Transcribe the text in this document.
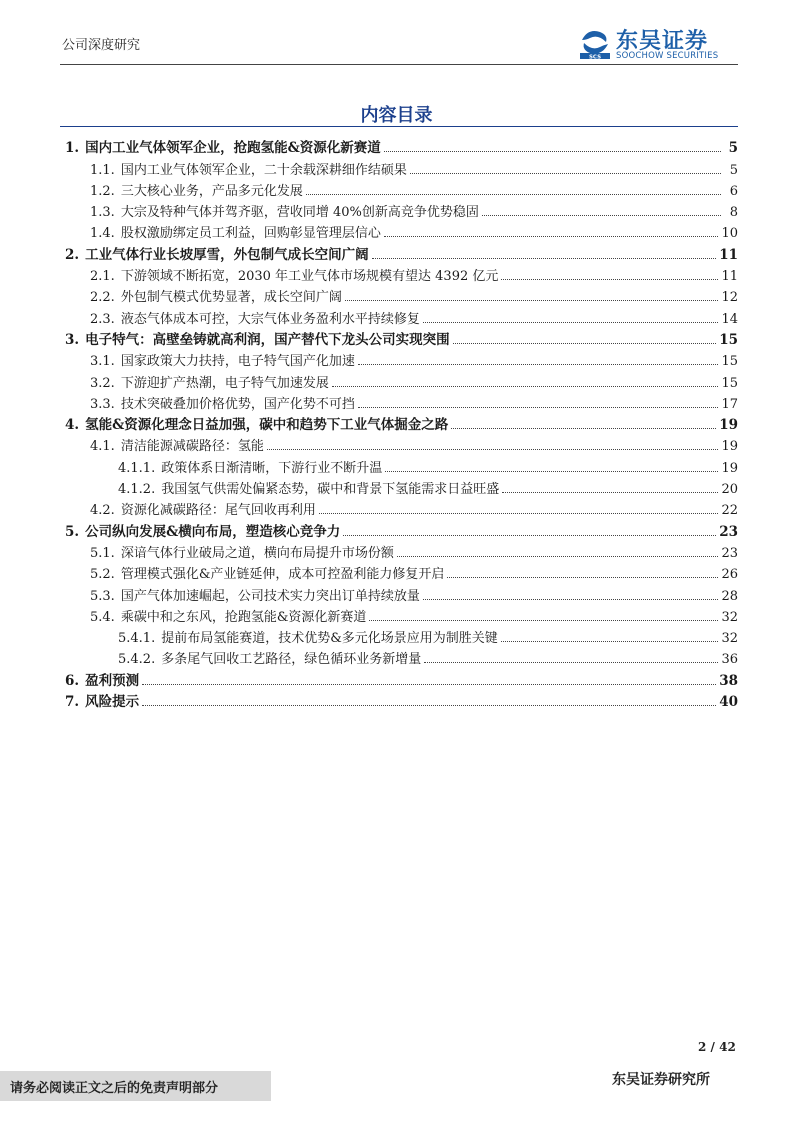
公司深度研究
SCS
东吴证券
SOOCHOW SECURITIES
内容目录
1. 国内工业气体领军企业，抢跑氢能&资源化新赛道	5
1.1. 国内工业气体领军企业，二十余载深耕细作结硕果	5
1.2. 三大核心业务，产品多元化发展	6
1.3. 大宗及特种气体并驾齐驱，营收同增 40%创新高竞争优势稳固	8
1.4. 股权激励绑定员工利益，回购彰显管理层信心	10
2. 工业气体行业长坡厚雪，外包制气成长空间广阔	11
2.1. 下游领域不断拓宽，2030 年工业气体市场规模有望达 4392 亿元	11
2.2. 外包制气模式优势显著，成长空间广阔	12
2.3. 液态气体成本可控，大宗气体业务盈利水平持续修复	14
3. 电子特气：高壁垒铸就高利润，国产替代下龙头公司实现突围	15
3.1. 国家政策大力扶持，电子特气国产化加速	15
3.2. 下游迎扩产热潮，电子特气加速发展	15
3.3. 技术突破叠加价格优势，国产化势不可挡	17
4. 氢能&资源化理念日益加强，碳中和趋势下工业气体掘金之路	19
4.1. 清洁能源减碳路径：氢能	19
4.1.1. 政策体系日渐清晰，下游行业不断升温	19
4.1.2. 我国氢气供需处偏紧态势，碳中和背景下氢能需求日益旺盛	20
4.2. 资源化减碳路径：尾气回收再利用	22
5. 公司纵向发展&横向布局，塑造核心竞争力	23
5.1. 深谙气体行业破局之道，横向布局提升市场份额	23
5.2. 管理模式强化&产业链延伸，成本可控盈利能力修复开启	26
5.3. 国产气体加速崛起，公司技术实力突出订单持续放量	28
5.4. 乘碳中和之东风，抢跑氢能&资源化新赛道	32
5.4.1. 提前布局氢能赛道，技术优势&多元化场景应用为制胜关键	32
5.4.2. 多条尾气回收工艺路径，绿色循环业务新增量	36
6. 盈利预测	38
7. 风险提示	40
2 / 42
请务必阅读正文之后的免责声明部分
东吴证券研究所
